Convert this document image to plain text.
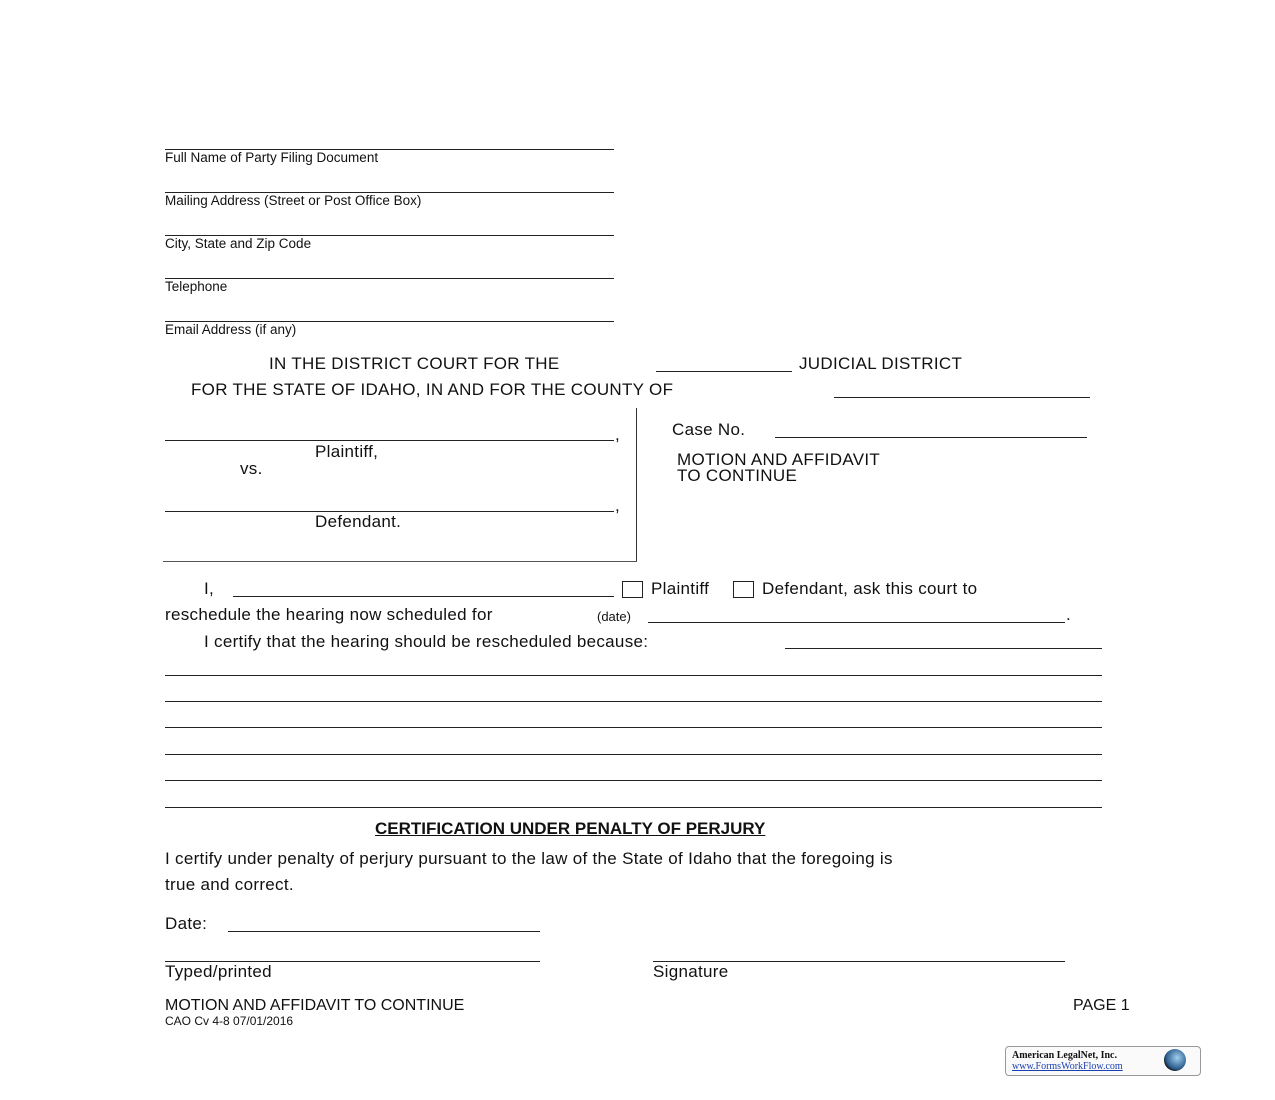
Full Name of Party Filing Document
Mailing Address (Street or Post Office Box)
City, State and Zip Code
Telephone
Email Address (if any)
IN THE DISTRICT COURT FOR THE	JUDICIAL DISTRICT
FOR THE STATE OF IDAHO, IN AND FOR THE COUNTY OF
,
Plaintiff,
vs.
,
Defendant.
Case No.
MOTION AND AFFIDAVIT
TO CONTINUE
I,	Plaintiff	Defendant, ask this court to
reschedule the hearing now scheduled for	(date)	.
I certify that the hearing should be rescheduled because:
CERTIFICATION UNDER PENALTY OF PERJURY
I certify under penalty of perjury pursuant to the law of the State of Idaho that the foregoing is
true and correct.
Date:
Typed/printed	Signature
MOTION AND AFFIDAVIT TO CONTINUE	PAGE 1
CAO Cv 4-8 07/01/2016
American LegalNet, Inc.
www.FormsWorkFlow.com
